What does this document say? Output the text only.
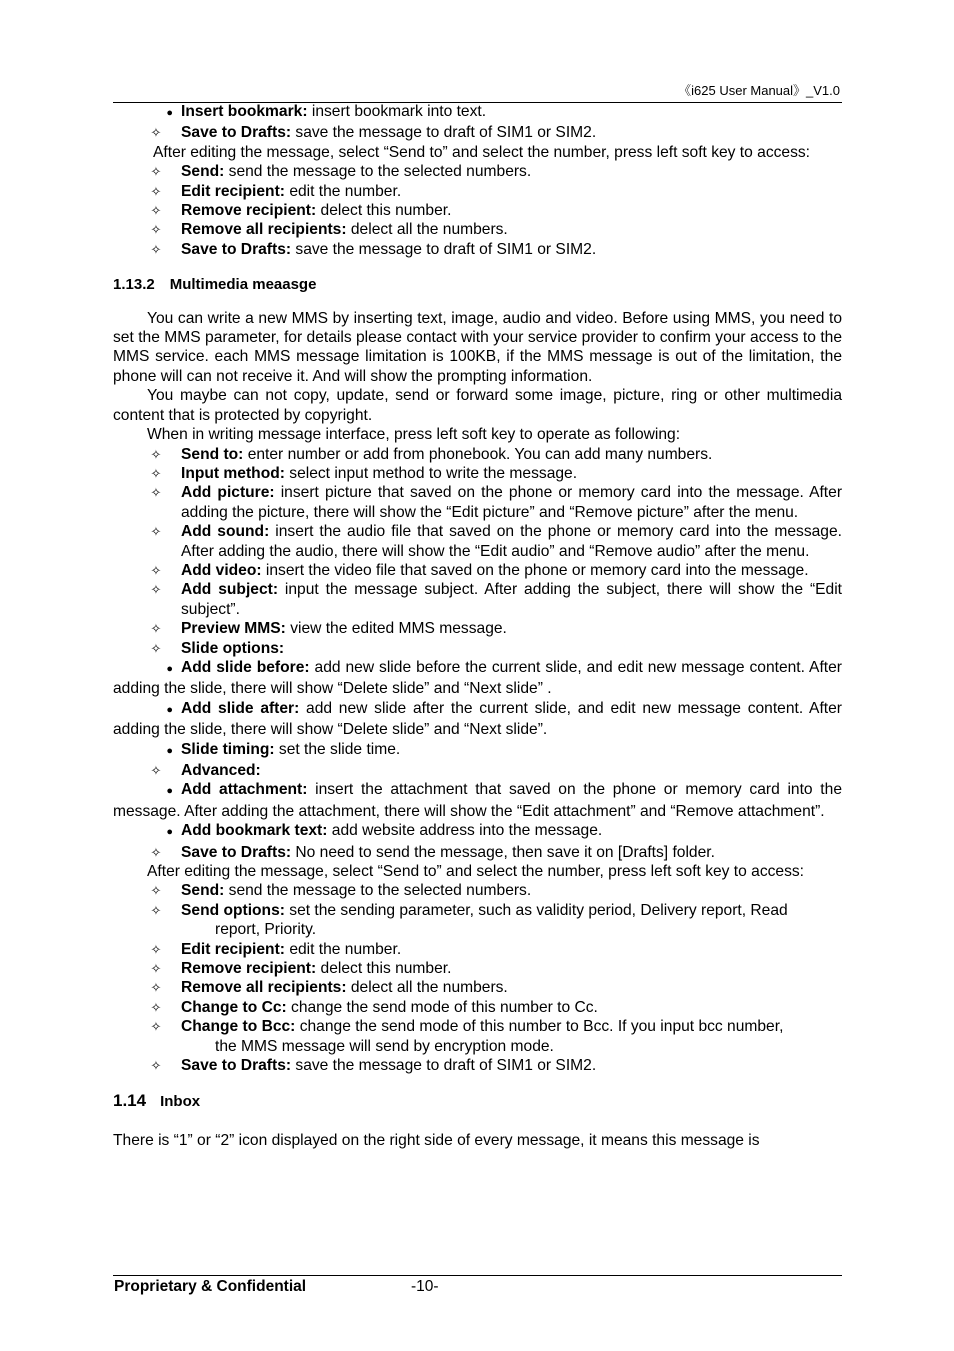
《i625 User Manual》_V1.0
● Insert bookmark: insert bookmark into text.
✧ Save to Drafts: save the message to draft of SIM1 or SIM2.

After editing the message, select “Send to” and select the number, press left soft key to access:

✧ Send: send the message to the selected numbers.
✧ Edit recipient: edit the number.
✧ Remove recipient: delect this number.
✧ Remove all recipients: delect all the numbers.
✧ Save to Drafts: save the message to draft of SIM1 or SIM2.
1.13.2 Multimedia meaasge

You can write a new MMS by inserting text, image, audio and video. Before using MMS, you need to set the MMS parameter, for details please contact with your service provider to confirm your access to the MMS service. each MMS message limitation is 100KB, if the MMS message is out of the limitation, the phone will can not receive it. And will show the prompting information.

You maybe can not copy, update, send or forward some image, picture, ring or other multimedia content that is protected by copyright.

When in writing message interface, press left soft key to operate as following:

✧ Send to: enter number or add from phonebook. You can add many numbers.
✧ Input method: select input method to write the message.
✧ Add picture: insert picture that saved on the phone or memory card into the message. After adding the picture, there will show the “Edit picture” and “Remove picture” after the menu.
✧ Add sound: insert the audio file that saved on the phone or memory card into the message. After adding the audio, there will show the “Edit audio” and “Remove audio” after the menu.
✧ Add video: insert the video file that saved on the phone or memory card into the message.
✧ Add subject: input the message subject. After adding the subject, there will show the “Edit subject”.
✧ Preview MMS: view the edited MMS message.
✧ Slide options:
● Add slide before: add new slide before the current slide, and edit new message content. After adding the slide, there will show “Delete slide” and “Next slide” .
● Add slide after: add new slide after the current slide, and edit new message content. After adding the slide, there will show “Delete slide” and “Next slide”.
● Slide timing: set the slide time.
✧ Advanced:
● Add attachment: insert the attachment that saved on the phone or memory card into the message. After adding the attachment, there will show the “Edit attachment” and “Remove attachment”.
● Add bookmark text: add website address into the message.
✧ Save to Drafts: No need to send the message, then save it on [Drafts] folder.

After editing the message, select “Send to” and select the number, press left soft key to access:

✧ Send: send the message to the selected numbers.
✧ Send options: set the sending parameter, such as validity period, Delivery report, Read
report, Priority.
✧ Edit recipient: edit the number.
✧ Remove recipient: delect this number.
✧ Remove all recipients: delect all the numbers.
✧ Change to Cc: change the send mode of this number to Cc.
✧ Change to Bcc: change the send mode of this number to Bcc. If you input bcc number,
the MMS message will send by encryption mode.
✧ Save to Drafts: save the message to draft of SIM1 or SIM2.
1.14 Inbox

There is “1” or “2” icon displayed on the right side of every message, it means this message is

Proprietary & Confidential	-10-
